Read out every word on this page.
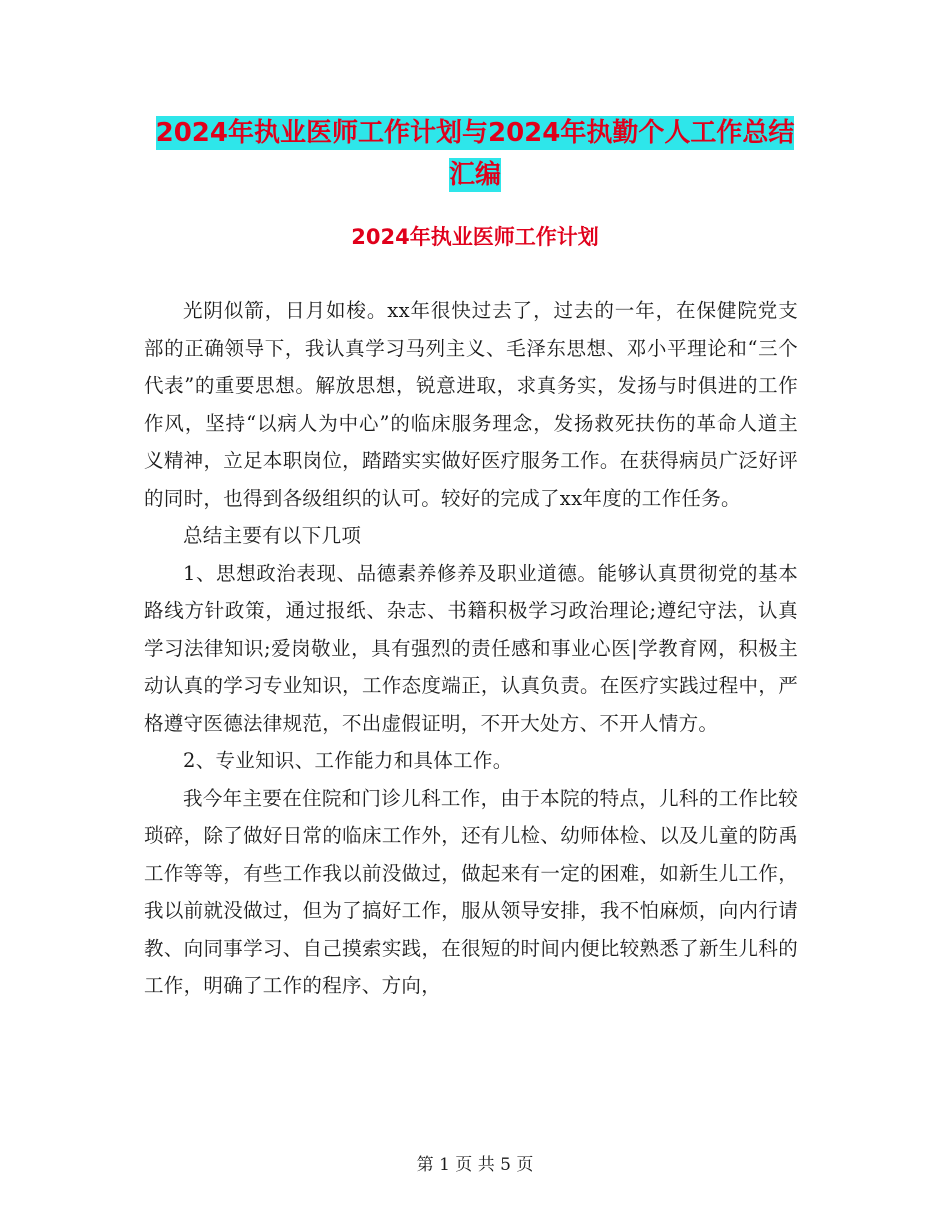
2024年执业医师工作计划与2024年执勤个人工作总结
汇编
2024年执业医师工作计划

光阴似箭，日月如梭。xx年很快过去了，过去的一年，在保健院党支部的正确领导下，我认真学习马列主义、毛泽东思想、邓小平理论和“三个代表”的重要思想。解放思想，锐意进取，求真务实，发扬与时俱进的工作作风，坚持“以病人为中心”的临床服务理念，发扬救死扶伤的革命人道主义精神，立足本职岗位，踏踏实实做好医疗服务工作。在获得病员广泛好评的同时，也得到各级组织的认可。较好的完成了xx年度的工作任务。

总结主要有以下几项

1、思想政治表现、品德素养修养及职业道德。能够认真贯彻党的基本路线方针政策，通过报纸、杂志、书籍积极学习政治理论;遵纪守法，认真学习法律知识;爱岗敬业，具有强烈的责任感和事业心医|学教育网，积极主动认真的学习专业知识，工作态度端正，认真负责。在医疗实践过程中，严格遵守医德法律规范，不出虚假证明，不开大处方、不开人情方。

2、专业知识、工作能力和具体工作。

我今年主要在住院和门诊儿科工作，由于本院的特点，儿科的工作比较琐碎，除了做好日常的临床工作外，还有儿检、幼师体检、以及儿童的防禹工作等等，有些工作我以前没做过，做起来有一定的困难，如新生儿工作，我以前就没做过，但为了搞好工作，服从领导安排，我不怕麻烦，向内行请教、向同事学习、自己摸索实践，在很短的时间内便比较熟悉了新生儿科的工作，明确了工作的程序、方向，

第 1 页 共 5 页
